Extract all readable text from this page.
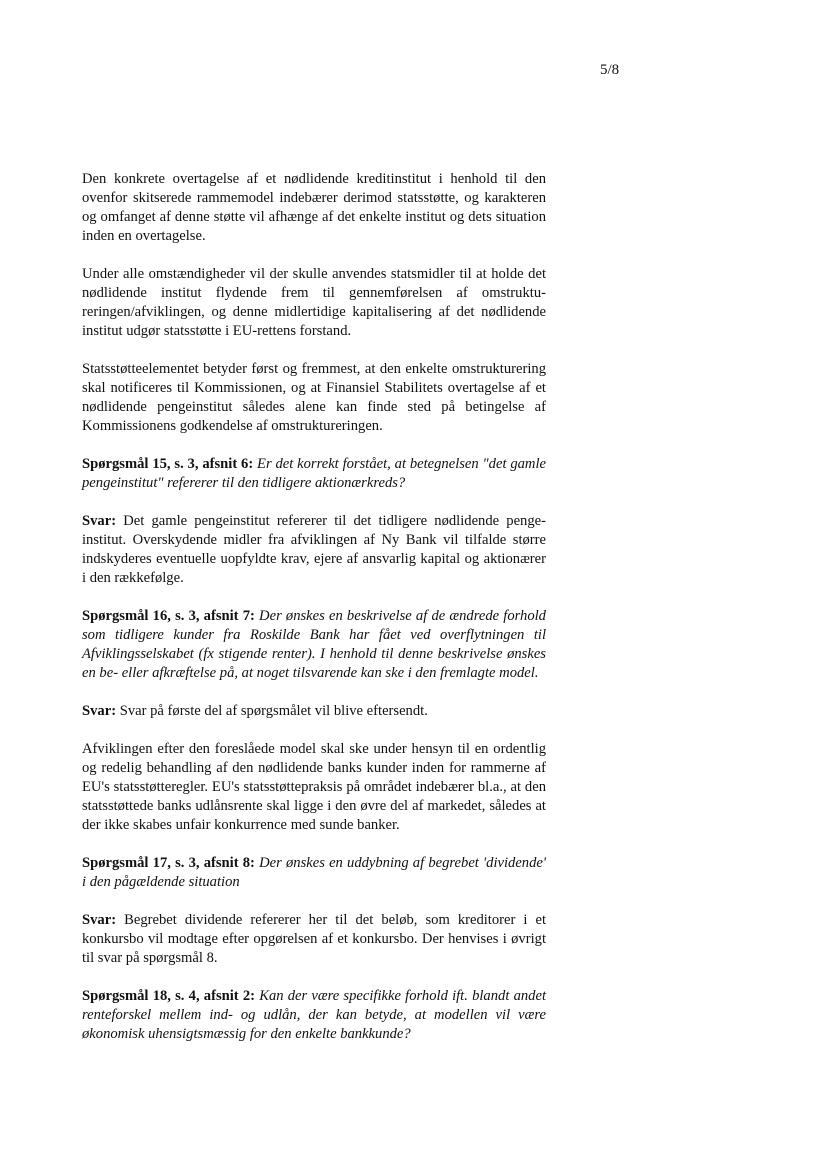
5/8

Den konkrete overtagelse af et nødlidende kreditinstitut i henhold til den ovenfor skitserede rammemodel indebærer derimod statsstøtte, og karakteren og omfanget af denne støtte vil afhænge af det enkelte institut og dets situation inden en overtagelse.

Under alle omstændigheder vil der skulle anvendes statsmidler til at holde det nødlidende institut flydende frem til gennemførelsen af omstruktureringen/afviklingen, og denne midlertidige kapitalisering af det nødlidende institut udgør statsstøtte i EU-rettens forstand.

Statsstøtteelementet betyder først og fremmest, at den enkelte omstrukturering skal notificeres til Kommissionen, og at Finansiel Stabilitets overtagelse af et nødlidende pengeinstitut således alene kan finde sted på betingelse af Kommissionens godkendelse af omstruktureringen.

Spørgsmål 15, s. 3, afsnit 6: Er det korrekt forstået, at betegnelsen "det gamle pengeinstitut" refererer til den tidligere aktionærkreds?

Svar: Det gamle pengeinstitut refererer til det tidligere nødlidende pengeinstitut. Overskydende midler fra afviklingen af Ny Bank vil tilfalde større indskyderes eventuelle uopfyldte krav, ejere af ansvarlig kapital og aktionærer i den rækkefølge.

Spørgsmål 16, s. 3, afsnit 7: Der ønskes en beskrivelse af de ændrede forhold som tidligere kunder fra Roskilde Bank har fået ved overflytningen til Afviklingsselskabet (fx stigende renter). I henhold til denne beskrivelse ønskes en be- eller afkræftelse på, at noget tilsvarende kan ske i den fremlagte model.

Svar: Svar på første del af spørgsmålet vil blive eftersendt.

Afviklingen efter den foreslåede model skal ske under hensyn til en ordentlig og redelig behandling af den nødlidende banks kunder inden for rammerne af EU's statsstøtteregler. EU's statsstøttepraksis på området indebærer bl.a., at den statsstøttede banks udlånsrente skal ligge i den øvre del af markedet, således at der ikke skabes unfair konkurrence med sunde banker.

Spørgsmål 17, s. 3, afsnit 8: Der ønskes en uddybning af begrebet 'dividende' i den pågældende situation

Svar: Begrebet dividende refererer her til det beløb, som kreditorer i et konkursbo vil modtage efter opgørelsen af et konkursbo. Der henvises i øvrigt til svar på spørgsmål 8.

Spørgsmål 18, s. 4, afsnit 2: Kan der være specifikke forhold ift. blandt andet renteforskel mellem ind- og udlån, der kan betyde, at modellen vil være økonomisk uhensigtsmæssig for den enkelte bankkunde?
